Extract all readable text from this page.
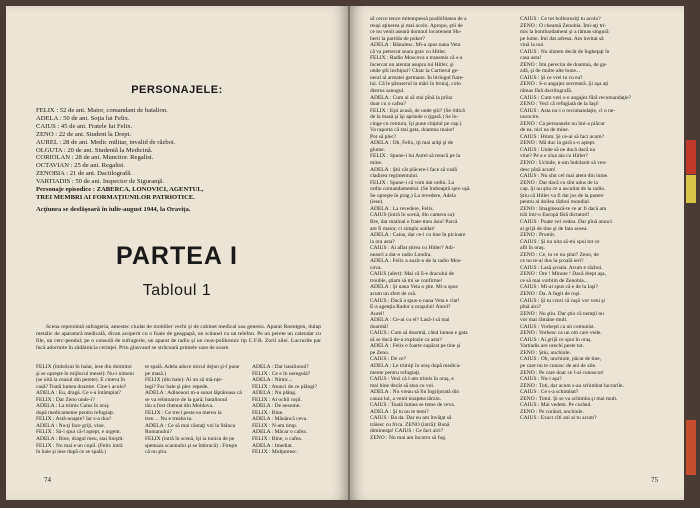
PERSONAJELE:
FELIX : 52 de ani. Maior, comandant de batalion.
ADELA : 50 de ani. Soţia lui Felix.
CAIUS : 45 de ani. Fratele lui Felix.
ZENO : 22 de ani. Student la Drept.
AUREL : 28 de ani. Medic militar, invalid de război.
OLGUTA : 20 de ani. Studentă la Medicină.
CORIOLAN : 28 de ani. Muncitor. Regalist.
OCTAVIAN : 25 de ani. Regalist.
ZENOBIA : 21 de ani. Dactilografă.
VARTIADIS : 50 de ani. Inspector de Siguranţă.
Personaje episodice : ZABERCA, LONOVICI, AGENTUL,
TREI MEMBRI AI FORMAŢIUNILOR PATRIOTICE.
Acţiunea se desfăşoară în iulie-august 1944, la Oraviţa.
PARTEA I
Tabloul 1
Scena reprezintă sufrageria, amestec ciudat de mobilier vechi şi de cabinet medical sau genesis. Aparat Roentgen, dulap metalic de aparatură medicală, divan acoperit cu o foaie de geaşpapă, un scăunel cu un telefon. Pe un perete un calendar cu file, un cerc-pendul; pe o consolă de sufragerie, un aparat de radio şi un ceas-polihronic tip C.F.R. Zorii zilei. Lucrurile par încă adormite în zădărnicia cerinţei. Prin glasvand se străcoară primele raze de soare.
FELIX (îmbrăcat în halat, iese din dormitor
şi se opreşte în mijlocul mesei): Nu-i nimeni
(se uită la ceasul din perete). E cineva în
casă? Toată lumea doarme. Cine-i acolo?
ADELA : Eu, dragă. Ce s-a întâmplat?
FELIX : Dar Zeno unde-i?
ADELA : La trimis Caius în oraş
după medicamente pentru refugiaţi.
FELIX : Astă-noapte? Iar s-a dus?
ADELA : Nu-ţi face griji, vine.
FELIX : Să-i spui că-l aştept, e urgent.
ADELA : Bine, dragul meu, stai liniştit.
FELIX : Nu mai e un copil. (Felix intră
în baie şi iese după ce se spală.)
te spală. Adela aduce micul dejun şi-l pune
pe masă.)
FELIX (din baie): Ai un sâ mă-nţe-
legi? Fac baie şi plec repede.
ADELA : Adineaori m-a sunat lăptăreasa că
se va reîntoarce de la gară; batalionul
tău a fost chemat din Moldova.
FELIX : Ce treci peste ea mereu la
tren ... Nu e treaba ta.
ADELA : Ce să mai căutaţi voi la Stânca
Romanului?
FELIX (intră în scenă, îşi ia tunica de pe
speteaza scaunului şi se îmbracă) : Fireşte
că nu ştiu.
ADELA : Dar batalionul?
FELIX : Ce e în neregulă?
ADELA : Nimic...
FELIX : Atunci de ce plângi?
ADELA : Nu plâng.
FELIX : Ai ochii roşii.
ADELA : De nesomn.
FELIX : Bine.
ADELA : Mănâncă ceva.
FELIX : N-am timp.
ADELA : Măcar o cafea.
FELIX : Bine, o cafea.
ADELA : Imediat.
FELIX : Mulţumesc.
74
să cerce tence mitempessă posibilitatea de a
reuşi aţinerea şi mai acolo. Apropo, ştii de
ce nu venit aseară domnul locotenent Hu-
berti la partida de poker?
ADELA : Bănuiesc. Mi-a spus nana Veta
că va petrecut seara grav cu Hitler.
FELIX : Radio Moscova a transmis că s-a
încercat un atentat asupra lui Hitler, şi
unde ştii inchipui? Chiar la Cartierul ge-
neral al armatei germane. În birlogul fiare-
lui. Că le păruserul la mări în bruiaj, colo
distrus sanogul.
ADELA : Cum ai să stai pînă la prînz
doar cu o cafea?
FELIX : Eşti acasă, de unde ştii? (Se ridică
de la masă şi îşi aprinde o ţigară.) Se în-
cinge cu centura, îşi pune chipiul pe cap.)
Va raporta că stai gata, doamna maior!
Pot să plec?
ADELA : Oh, Felix, iţi mai arăţi şi de
glume.
FELIX : Spune-i lui Aurel să treacă pe la
mine.
ADELA : Ştii cât plăcere-i face să vadă
cladirea regimentului.
FELIX : Spune-i că vom dat ordin. La
ordin comandamentul. (Se îndreaptă spre uşă.
Se opreşte în prag.) La revedere, Adela
(iese).
ADELA : La revedere, Felix.
CAIUS (intră în scenă, din camera sa):
Bre, dar matinal e frate-meu ăsta! Parcă
are fi maior, ci simplu soldat!
ADELA : Caius, dar ce-i cu tine în picioare
la ora asta?
CAIUS : Ai aflat ştirea cu Hitler? Adi-
neaori a dat-o radio Londra.
ADELA : Felix a auzit-o de la radio Mos-
cova.
CAIUS (alert): Mai că îi-e dracului de
trouble, ştiam să mi se confirme!
ADELA : Şi nana Veta o ştie. Mi-a spus
acum un sfert de oră.
CAIUS : Dacă a spus-o nana Veta e clar!
E-a agenţia Rador a oraşului! Aurel?
Aurel!
ADELA : Ce-ai cu el? Lasă-l să mai
doarmă!
CAIUS : Cum să doarmă, când lumea e gata
să se ducă de-a explozie ca asta?
ADELA : Felix e foarte supărat pe tine şi
pe Zeno.
CAIUS : De ce?
ADELA : Le trimiţi în oraş după medica-
mente pentru refugiaţi.
CAIUS : Vezi că l-am trimis în oraş, e
mai bine decât să stea cu voi.
ADELA : Nu vreau să fiu îngrijorată din
cauza lui, a venit noaptea târziu.
CAIUS : Toată lumea se teme de ceva.
ADELA : Şi tu nu te temi?
CAIUS : Ba da. Dar eu am învăţat să
trăiesc cu frica. ZENO (intră): Bună
dimineaţa! CAIUS : Ce faci aici?
ZENO : Nu mai am încotro să fug.
CAIUS : Ce tot bolborosiţi tu acolo?
ZENO : O cheamă Zenobia. Îmi-aţi tri-
mis la bombardament şi a rămas singură
pe lume. Îmi dat adresa. Am invitat să
vină la noi.
CAIUS : Nu sîntem decât de îngheţaţi în
casa asta!
ZENO : Îmi perecita de doamna, de ga-
zdă, şi de multe alte bune...
CAIUS : Şi ce vrei tu cu ea?
ZENO : S-o angajez secretară. Şi aşa aţi
rămas fără dactilografă.
CAIUS : Cum vrei s-o angajez fără recomandaţie?
ZENO : Vezi că refugiată de la Iaşi!
CAIUS : Asta nu-i o recomandaţie, ci o ne-
norocire.
ZENO : Ca persoanele nu îmi-a plăcut
de ea, nici ea de mine.
CAIUS : Hmm. Şi ce-ai să faci acum?
ZENO : Mă duc la gară s-o aştept.
CAIUS : Unde să ne ducă dacă nu
vine? Pe a e ziua aia cu Hitler?
ZENO : Uchide, n-am îndrăznit să ven-
desc pînă acum!
CAIUS : Nu sînt cel mai atent din lume.
ZENO : Dar dacă cu sînt adus de la
cap. Şi nu ştiu ce a ascultat de la radio.
Ştiu că Hitler va fi dat jos de la putere
pentru al doilea război mondial.
ZENO : Imaginează-te ce ar fi dacă am
trăi într-o Europă fără dictatori!
CAIUS : Poate vei vedea. Dar pînă atunci
ai grijă de tine şi de fata aceea.
ZENO : Promit.
CAIUS : Şi nu uita să-mi spui tot ce
afli în oraş.
ZENO : Ce, tu ce nu ştiai? Zeno, de
ce nu te-ai dus la şcoală ieri?
CAIUS : Lasă şcoala. Acum e război.
ZENO : Ore ! Minute ! Dacă drept aşa,
ce să mai vorbim de Zenobia...
CAIUS : Mi-ai spus că e de la Iaşi?
ZENO : Da. A fugit de ruşi.
CAIUS : Şi tu crezi că ruşii vor veni şi
pînă aici?
ZENO : Nu ştiu. Dar ştiu că nemţii nu
vor mai rămâne mult.
CAIUS : Vorbeşti ca un comunist.
ZENO : Vorbesc ca un om care vede.
CAIUS : Ai grijă ce spui în oraş.
Vartiadis are urechi peste tot.
ZENO : Ştiu, unchiule.
CAIUS : Oh, unchiule, păcat de tine,
pe care nu te cunosc de ani de zile.
ZENO : Pe care doar ce l-ai cunoscut!
CAIUS : Nu-i aşa?
ZENO : Toti, dar acum s-au schimbat lucrurile.
CAIUS : Ce s-a schimbat?
ZENO : Totul. Şi se va schimba şi mai mult.
CAIUS : Mai vedem. Pe curând.
ZENO : Pe curând, unchiule.
CAIUS : Exact cîti ani ai tu acum?
75
